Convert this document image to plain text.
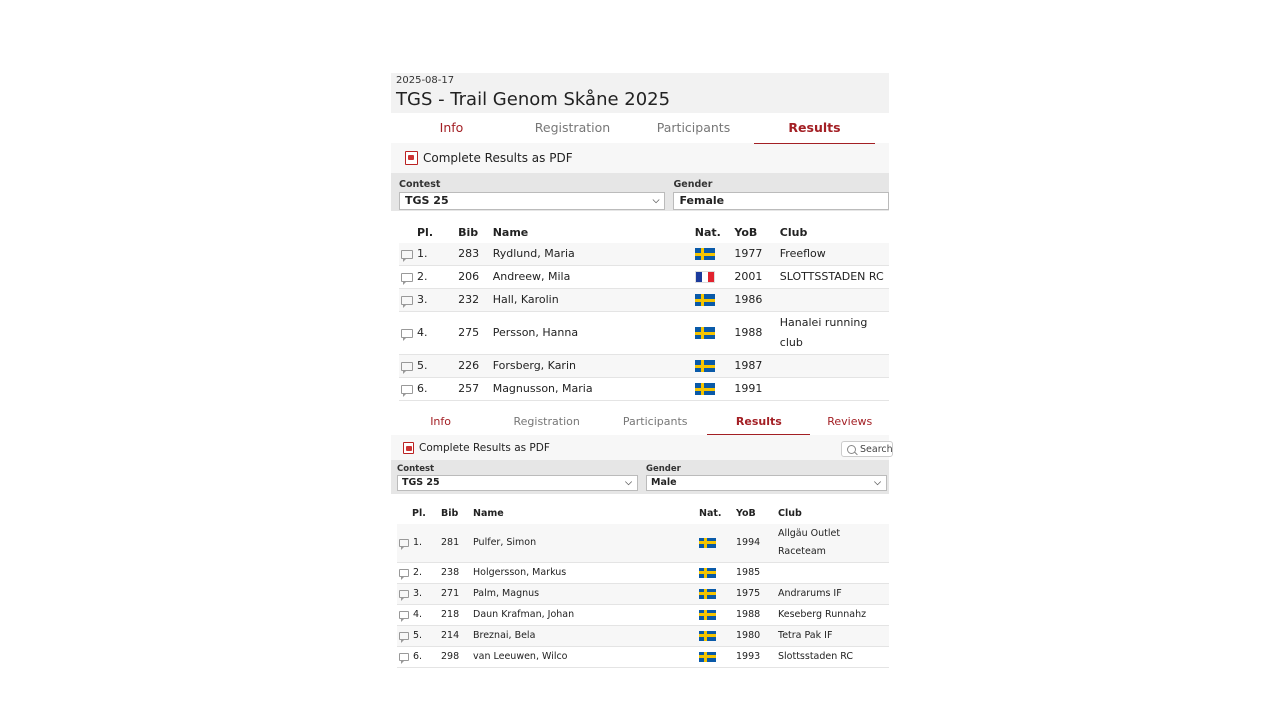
2025-08-17
TGS - Trail Genom Skåne 2025
Info	Registration	Participants	Results
Complete Results as PDF
Contest
TGS 25	⌵
Gender
Female
Pl.	Bib	Name	Nat.	YoB	Club
1.	283	Rydlund, Maria		1977	Freeflow
2.	206	Andreew, Mila		2001	SLOTTSSTADEN RC
3.	232	Hall, Karolin		1986	
4.	275	Persson, Hanna		1988	Hanalei running club
5.	226	Forsberg, Karin		1987	
6.	257	Magnusson, Maria		1991	
Info	Registration	Participants	Results	Reviews
Complete Results as PDF	Search
Contest
TGS 25	⌵
Gender
Male	⌵
Pl.	Bib	Name	Nat.	YoB	Club
1.	281	Pulfer, Simon		1994	Allgäu Outlet Raceteam
2.	238	Holgersson, Markus		1985	
3.	271	Palm, Magnus		1975	Andrarums IF
4.	218	Daun Krafman, Johan		1988	Keseberg Runnahz
5.	214	Breznai, Bela		1980	Tetra Pak IF
6.	298	van Leeuwen, Wilco		1993	Slottsstaden RC
